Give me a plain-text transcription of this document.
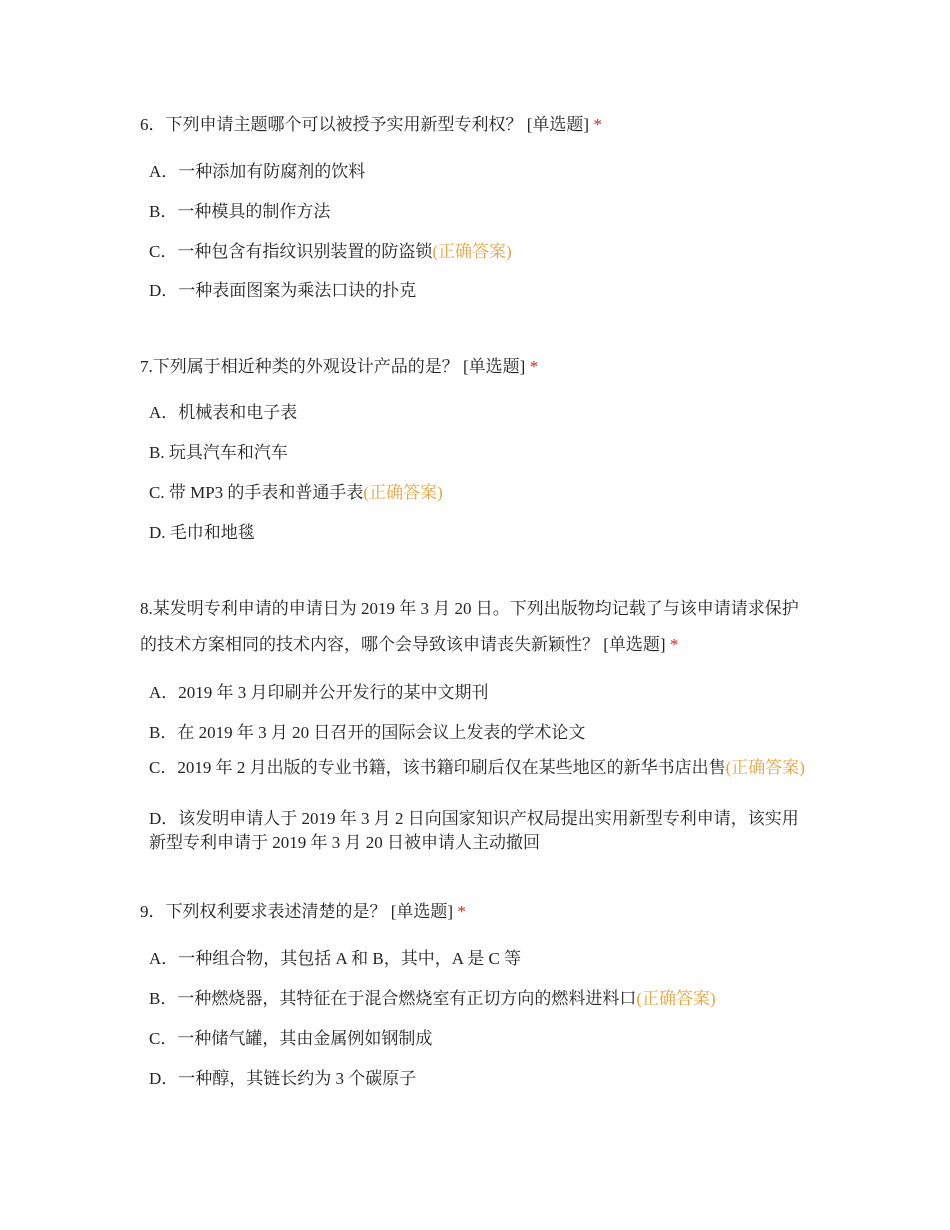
6．下列申请主题哪个可以被授予实用新型专利权？ [单选题] *
A．一种添加有防腐剂的饮料
B．一种模具的制作方法
C．一种包含有指纹识别装置的防盗锁(正确答案)
D．一种表面图案为乘法口诀的扑克
7.下列属于相近种类的外观设计产品的是？ [单选题] *
A．机械表和电子表
B. 玩具汽车和汽车
C. 带 MP3 的手表和普通手表(正确答案)
D. 毛巾和地毯
8.某发明专利申请的申请日为 2019 年 3 月 20 日。下列出版物均记载了与该申请请求保护的技术方案相同的技术内容，哪个会导致该申请丧失新颖性？ [单选题] *
A．2019 年 3 月印刷并公开发行的某中文期刊
B．在 2019 年 3 月 20 日召开的国际会议上发表的学术论文
C．2019 年 2 月出版的专业书籍，该书籍印刷后仅在某些地区的新华书店出售(正确答案)
D．该发明申请人于 2019 年 3 月 2 日向国家知识产权局提出实用新型专利申请，该实用新型专利申请于 2019 年 3 月 20 日被申请人主动撤回
9．下列权利要求表述清楚的是？ [单选题] *
A．一种组合物，其包括 A 和 B，其中，A 是 C 等
B．一种燃烧器，其特征在于混合燃烧室有正切方向的燃料进料口(正确答案)
C．一种储气罐，其由金属例如钢制成
D．一种醇，其链长约为 3 个碳原子
